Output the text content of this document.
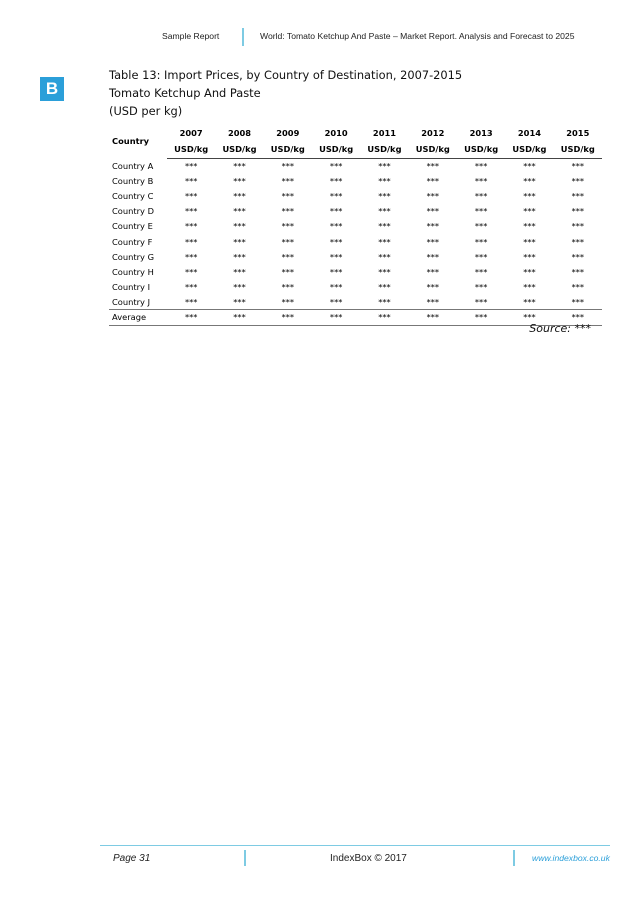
Sample Report	World: Tomato Ketchup And Paste – Market Report. Analysis and Forecast to 2025
B
Table 13: Import Prices, by Country of Destination, 2007-2015
Tomato Ketchup And Paste
(USD per kg)
Country	2007	2008	2009	2010	2011	2012	2013	2014	2015
	USD/kg	USD/kg	USD/kg	USD/kg	USD/kg	USD/kg	USD/kg	USD/kg	USD/kg
Country A	***	***	***	***	***	***	***	***	***
Country B	***	***	***	***	***	***	***	***	***
Country C	***	***	***	***	***	***	***	***	***
Country D	***	***	***	***	***	***	***	***	***
Country E	***	***	***	***	***	***	***	***	***
Country F	***	***	***	***	***	***	***	***	***
Country G	***	***	***	***	***	***	***	***	***
Country H	***	***	***	***	***	***	***	***	***
Country I	***	***	***	***	***	***	***	***	***
Country J	***	***	***	***	***	***	***	***	***
Average	***	***	***	***	***	***	***	***	***
Source: ***
Page 31	IndexBox © 2017	www.indexbox.co.uk
